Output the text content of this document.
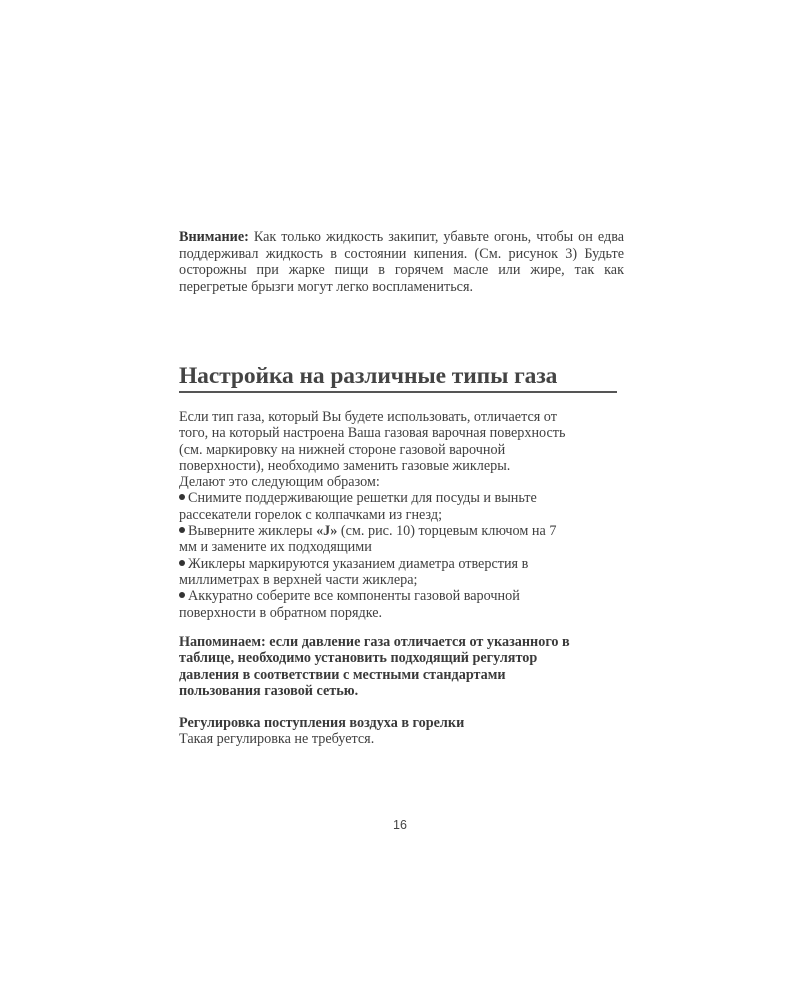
Внимание: Как только жидкость закипит, убавьте огонь, чтобы он едва поддерживал жидкость в состоянии кипения. (См. рисунок 3) Будьте осторожны при жарке пищи в горячем масле или жире, так как перегретые брызги могут легко воспламениться.
Настройка на различные типы газа

Если тип газа, который Вы будете использовать, отличается от

того, на который настроена Ваша газовая варочная поверхность

(см. маркировку на нижней стороне газовой варочной

поверхности), необходимо заменить газовые жиклеры.

Делают это следующим образом:

Снимите поддерживающие решетки для посуды и выньте

рассекатели горелок с колпачками из гнезд;

Выверните жиклеры «J» (см. рис. 10) торцевым ключом на 7

мм и замените их подходящими

Жиклеры маркируются указанием диаметра отверстия в

миллиметрах в верхней части жиклера;

Аккуратно соберите все компоненты газовой варочной

поверхности в обратном порядке.

Напоминаем: если давление газа отличается от указанного в
таблице, необходимо установить подходящий регулятор
давления в соответствии с местными стандартами
пользования газовой сетью.
Регулировка поступления воздуха в горелки
Такая регулировка не требуется.
16
